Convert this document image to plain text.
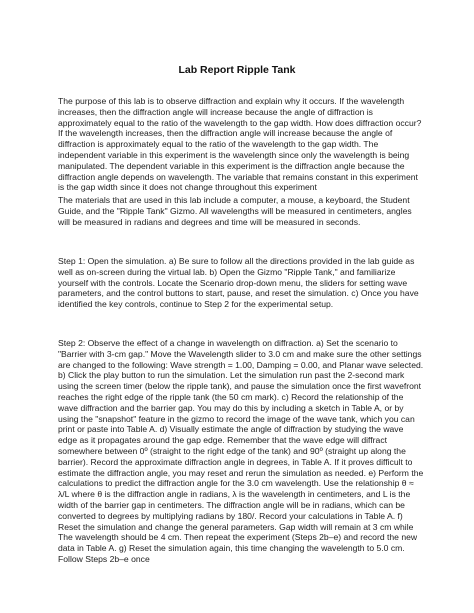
Lab Report Ripple Tank

The purpose of this lab is to observe diffraction and explain why it occurs. If the wavelength increases, then the diffraction angle will increase because the angle of diffraction is approximately equal to the ratio of the wavelength to the gap width. How does diffraction occur? If the wavelength increases, then the diffraction angle will increase because the angle of diffraction is approximately equal to the ratio of the wavelength to the gap width. The independent variable in this experiment is the wavelength since only the wavelength is being manipulated. The dependent variable in this experiment is the diffraction angle because the diffraction angle depends on wavelength. The variable that remains constant in this experiment is the gap width since it does not change throughout this experiment

The materials that are used in this lab include a computer, a mouse, a keyboard, the Student Guide, and the "Ripple Tank" Gizmo. All wavelengths will be measured in centimeters, angles will be measured in radians and degrees and time will be measured in seconds.

Step 1: Open the simulation. a) Be sure to follow all the directions provided in the lab guide as well as on-screen during the virtual lab. b) Open the Gizmo "Ripple Tank," and familiarize yourself with the controls. Locate the Scenario drop-down menu, the sliders for setting wave parameters, and the control buttons to start, pause, and reset the simulation. c) Once you have identified the key controls, continue to Step 2 for the experimental setup.

Step 2: Observe the effect of a change in wavelength on diffraction. a) Set the scenario to "Barrier with 3-cm gap." Move the Wavelength slider to 3.0 cm and make sure the other settings are changed to the following: Wave strength = 1.00, Damping = 0.00, and Planar wave selected. b) Click the play button to run the simulation. Let the simulation run past the 2-second mark using the screen timer (below the ripple tank), and pause the simulation once the first wavefront reaches the right edge of the ripple tank (the 50 cm mark). c) Record the relationship of the wave diffraction and the barrier gap. You may do this by including a sketch in Table A, or by using the "snapshot" feature in the gizmo to record the image of the wave tank, which you can print or paste into Table A. d) Visually estimate the angle of diffraction by studying the wave edge as it propagates around the gap edge. Remember that the wave edge will diffract somewhere between 0º (straight to the right edge of the tank) and 90º (straight up along the barrier). Record the approximate diffraction angle in degrees, in Table A. If it proves difficult to estimate the diffraction angle, you may reset and rerun the simulation as needed. e) Perform the calculations to predict the diffraction angle for the 3.0 cm wavelength. Use the relationship θ ≈ λ/L where θ is the diffraction angle in radians, λ is the wavelength in centimeters, and L is the width of the barrier gap in centimeters. The diffraction angle will be in radians, which can be converted to degrees by multiplying radians by 180/. Record your calculations in Table A. f) Reset the simulation and change the general parameters. Gap width will remain at 3 cm while The wavelength should be 4 cm. Then repeat the experiment (Steps 2b–e) and record the new data in Table A. g) Reset the simulation again, this time changing the wavelength to 5.0 cm. Follow Steps 2b–e once
